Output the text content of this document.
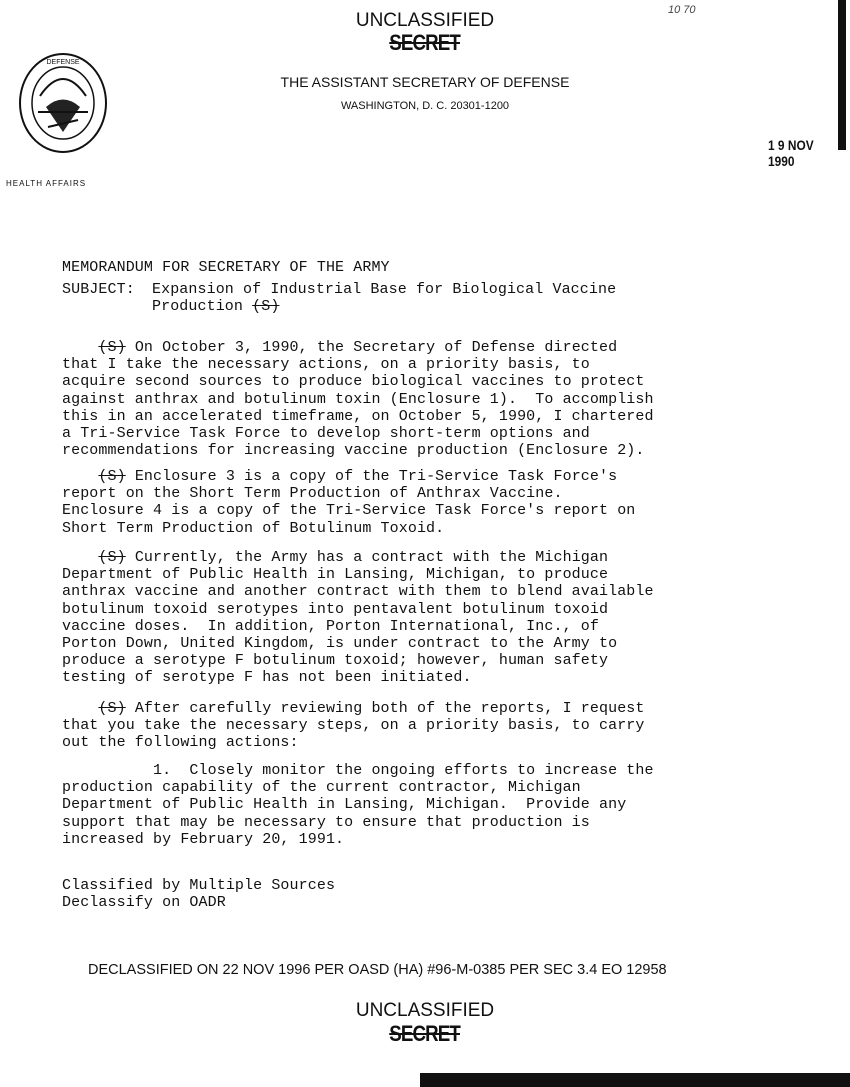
10 70
UNCLASSIFIED
SECRET
DEFENSE
THE ASSISTANT SECRETARY OF DEFENSE
WASHINGTON, D. C. 20301-1200
1 9 NOV 1990
HEALTH AFFAIRS
MEMORANDUM FOR SECRETARY OF THE ARMY
SUBJECT: Expansion of Industrial Base for Biological Vaccine
Production (S)
(S) On October 3, 1990, the Secretary of Defense directed
that I take the necessary actions, on a priority basis, to
acquire second sources to produce biological vaccines to protect
against anthrax and botulinum toxin (Enclosure 1).  To accomplish
this in an accelerated timeframe, on October 5, 1990, I chartered
a Tri-Service Task Force to develop short-term options and
recommendations for increasing vaccine production (Enclosure 2).
(S) Enclosure 3 is a copy of the Tri-Service Task Force's
report on the Short Term Production of Anthrax Vaccine.
Enclosure 4 is a copy of the Tri-Service Task Force's report on
Short Term Production of Botulinum Toxoid.
(S) Currently, the Army has a contract with the Michigan
Department of Public Health in Lansing, Michigan, to produce
anthrax vaccine and another contract with them to blend available
botulinum toxoid serotypes into pentavalent botulinum toxoid
vaccine doses.  In addition, Porton International, Inc., of
Porton Down, United Kingdom, is under contract to the Army to
produce a serotype F botulinum toxoid; however, human safety
testing of serotype F has not been initiated.
(S) After carefully reviewing both of the reports, I request
that you take the necessary steps, on a priority basis, to carry
out the following actions:
1.  Closely monitor the ongoing efforts to increase the
production capability of the current contractor, Michigan
Department of Public Health in Lansing, Michigan.  Provide any
support that may be necessary to ensure that production is
increased by February 20, 1991.
Classified by Multiple Sources
Declassify on OADR
DECLASSIFIED ON 22 NOV 1996 PER OASD (HA) #96-M-0385 PER SEC 3.4 EO 12958
UNCLASSIFIED
SECRET
